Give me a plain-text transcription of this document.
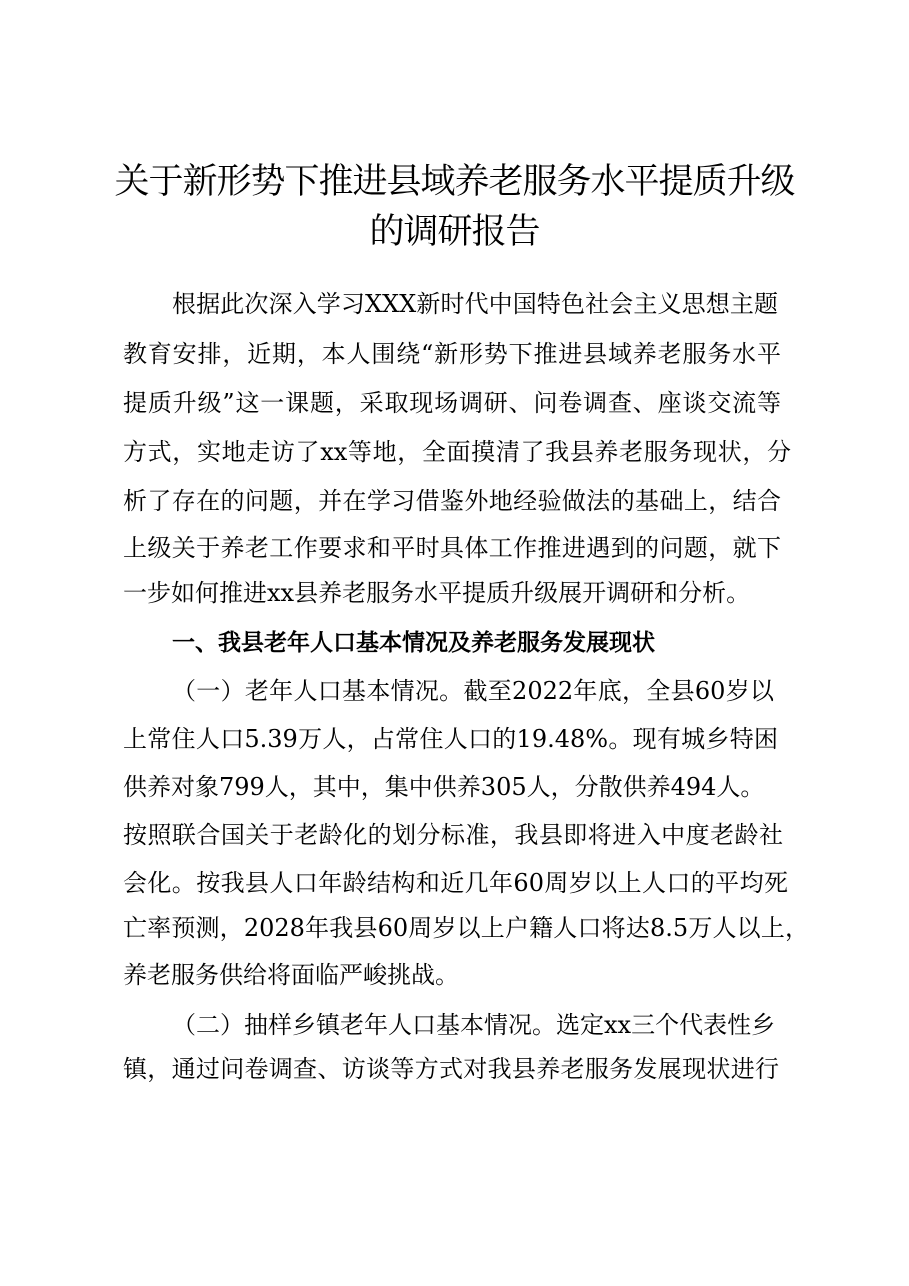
关于新形势下推进县域养老服务水平提质升级
的调研报告
根据此次深入学习XXX新时代中国特色社会主义思想主题
教育安排，近期，本人围绕“新形势下推进县域养老服务水平
提质升级”这一课题，采取现场调研、问卷调查、座谈交流等
方式，实地走访了xx等地，全面摸清了我县养老服务现状，分
析了存在的问题，并在学习借鉴外地经验做法的基础上，结合
上级关于养老工作要求和平时具体工作推进遇到的问题，就下
一步如何推进xx县养老服务水平提质升级展开调研和分析。
一、我县老年人口基本情况及养老服务发展现状
（一）老年人口基本情况。截至2022年底，全县60岁以
上常住人口5.39万人，占常住人口的19.48%。现有城乡特困
供养对象799人，其中，集中供养305人，分散供养494人。
按照联合国关于老龄化的划分标准，我县即将进入中度老龄社
会化。按我县人口年龄结构和近几年60周岁以上人口的平均死
亡率预测，2028年我县60周岁以上户籍人口将达8.5万人以上，
养老服务供给将面临严峻挑战。
（二）抽样乡镇老年人口基本情况。选定xx三个代表性乡
镇，通过问卷调查、访谈等方式对我县养老服务发展现状进行
